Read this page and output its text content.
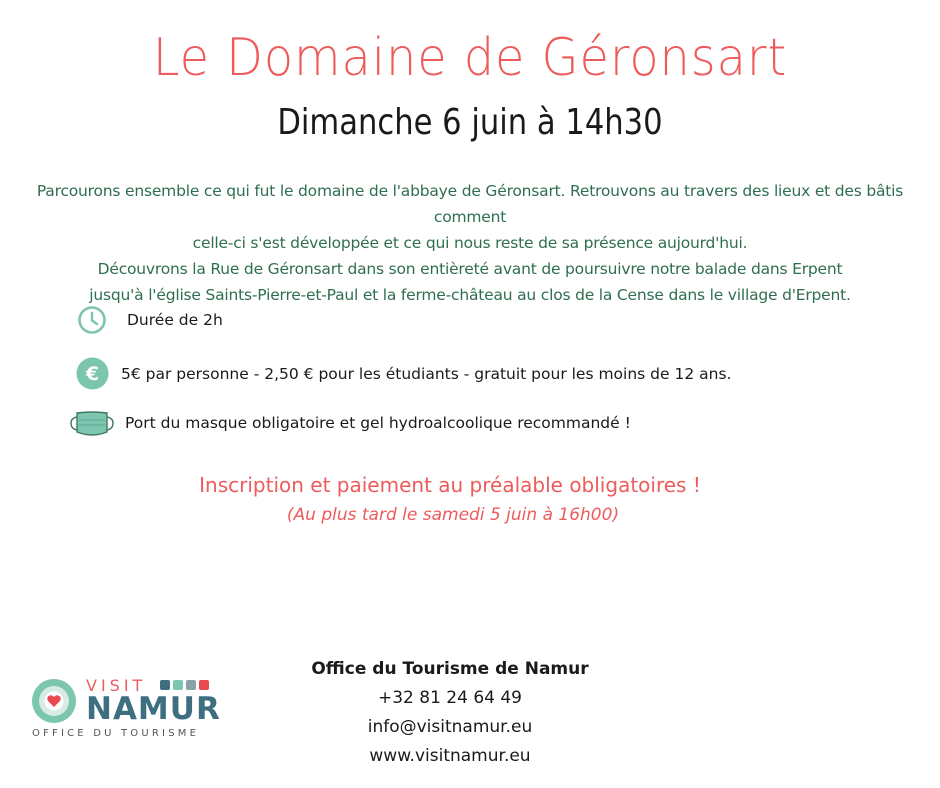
Le Domaine de Géronsart
Dimanche 6 juin à 14h30

Parcourons ensemble ce qui fut le domaine de l'abbaye de Géronsart. Retrouvons au travers des lieux et des bâtis comment

celle-ci s'est développée et ce qui nous reste de sa présence aujourd'hui.

Découvrons la Rue de Géronsart dans son entièreté avant de poursuivre notre balade dans Erpent

jusqu'à l'église Saints-Pierre-et-Paul et la ferme-château au clos de la Cense dans le village d'Erpent.

Durée de 2h
€ 5€ par personne - 2,50 € pour les étudiants - gratuit pour les moins de 12 ans.
Port du masque obligatoire et gel hydroalcoolique recommandé !
Inscription et paiement au préalable obligatoires !
(Au plus tard le samedi 5 juin à 16h00)
VISIT
NAMUR
OFFICE DU TOURISME
Office du Tourisme de Namur
+32 81 24 64 49
info@visitnamur.eu
www.visitnamur.eu
